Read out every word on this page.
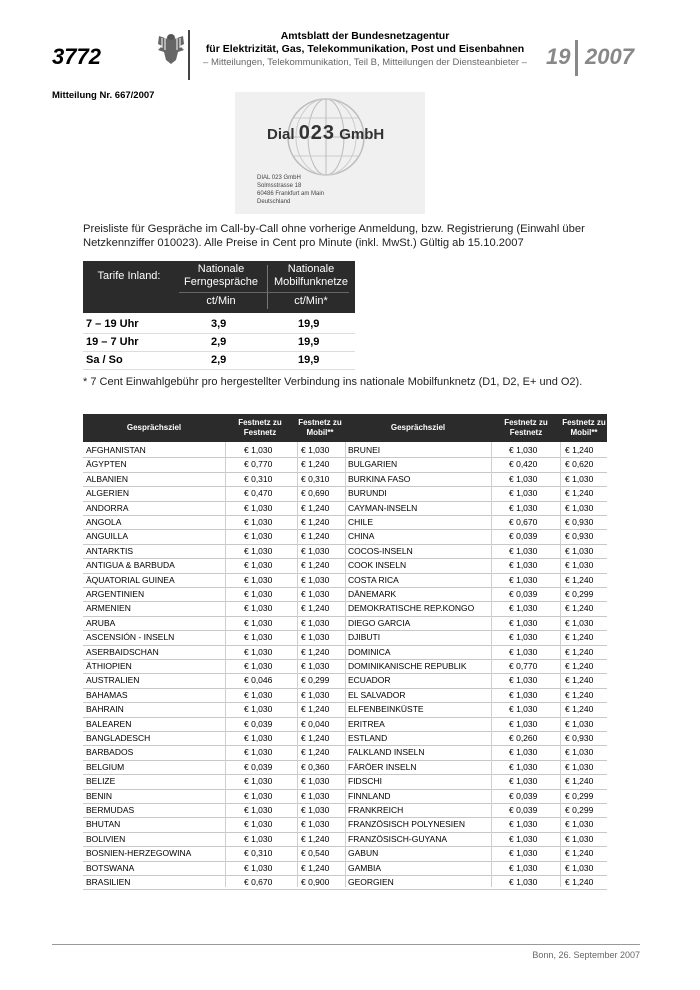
3772
Amtsblatt der Bundesnetzagentur
für Elektrizität, Gas, Telekommunikation, Post und Eisenbahnen
– Mitteilungen, Telekommunikation, Teil B, Mitteilungen der Diensteanbieter – 19 2007
Mitteilung Nr. 667/2007
Dial 023 GmbH
DIAL 023 GmbH
Solmsstrasse 18
60486 Frankfurt am Main
Deutschland
Preisliste für Gespräche im Call-by-Call ohne vorherige Anmeldung, bzw. Registrierung (Einwahl über Netzkennziffer 010023). Alle Preise in Cent pro Minute (inkl. MwSt.) Gültig ab 15.10.2007
Tarife Inland:
Nationale Ferngespräche
Nationale Mobilfunknetze
ct/Min	ct/Min*
7 – 19 Uhr	3,9	19,9
19 – 7 Uhr	2,9	19,9
Sa / So	2,9	19,9
* 7 Cent Einwahlgebühr pro hergestellter Verbindung ins nationale Mobilfunknetz (D1, D2, E+ und O2).
Gesprächsziel
Festnetz zu Festnetz
Festnetz zu Mobil**
Gesprächsziel
Festnetz zu Festnetz
Festnetz zu Mobil**
AFGHANISTAN	€ 1,030	€ 1,030 BRUNEI	€ 1,030	€ 1,240
ÄGYPTEN	€ 0,770	€ 1,240 BULGARIEN	€ 0,420	€ 0,620
ALBANIEN	€ 0,310	€ 0,310 BURKINA FASO	€ 1,030	€ 1,030
ALGERIEN	€ 0,470	€ 0,690 BURUNDI	€ 1,030	€ 1,240
ANDORRA	€ 1,030	€ 1,240 CAYMAN-INSELN	€ 1,030	€ 1,030
ANGOLA	€ 1,030	€ 1,240 CHILE	€ 0,670	€ 0,930
ANGUILLA	€ 1,030	€ 1,240 CHINA	€ 0,039	€ 0,930
ANTARKTIS	€ 1,030	€ 1,030 COCOS-INSELN	€ 1,030	€ 1,030
ANTIGUA & BARBUDA	€ 1,030	€ 1,240 COOK INSELN	€ 1,030	€ 1,030
ÄQUATORIAL GUINEA	€ 1,030	€ 1,030 COSTA RICA	€ 1,030	€ 1,240
ARGENTINIEN	€ 1,030	€ 1,030 DÄNEMARK	€ 0,039	€ 0,299
ARMENIEN	€ 1,030	€ 1,240 DEMOKRATISCHE REP.KONGO	€ 1,030	€ 1,240
ARUBA	€ 1,030	€ 1,030 DIEGO GARCIA	€ 1,030	€ 1,030
ASCENSIÓN - INSELN	€ 1,030	€ 1,030 DJIBUTI	€ 1,030	€ 1,240
ASERBAIDSCHAN	€ 1,030	€ 1,240 DOMINICA	€ 1,030	€ 1,240
ÄTHIOPIEN	€ 1,030	€ 1,030 DOMINIKANISCHE REPUBLIK	€ 0,770	€ 1,240
AUSTRALIEN	€ 0,046	€ 0,299 ECUADOR	€ 1,030	€ 1,240
BAHAMAS	€ 1,030	€ 1,030 EL SALVADOR	€ 1,030	€ 1,240
BAHRAIN	€ 1,030	€ 1,240 ELFENBEINKÜSTE	€ 1,030	€ 1,240
BALEAREN	€ 0,039	€ 0,040 ERITREA	€ 1,030	€ 1,030
BANGLADESCH	€ 1,030	€ 1,240 ESTLAND	€ 0,260	€ 0,930
BARBADOS	€ 1,030	€ 1,240 FALKLAND INSELN	€ 1,030	€ 1,030
BELGIUM	€ 0,039	€ 0,360 FÄRÖER INSELN	€ 1,030	€ 1,030
BELIZE	€ 1,030	€ 1,030 FIDSCHI	€ 1,030	€ 1,240
BENIN	€ 1,030	€ 1,030 FINNLAND	€ 0,039	€ 0,299
BERMUDAS	€ 1,030	€ 1,030 FRANKREICH	€ 0,039	€ 0,299
BHUTAN	€ 1,030	€ 1,030 FRANZÖSISCH POLYNESIEN	€ 1,030	€ 1,030
BOLIVIEN	€ 1,030	€ 1,240 FRANZÖSISCH-GUYANA	€ 1,030	€ 1,030
BOSNIEN-HERZEGOWINA	€ 0,310	€ 0,540 GABUN	€ 1,030	€ 1,240
BOTSWANA	€ 1,030	€ 1,240 GAMBIA	€ 1,030	€ 1,030
BRASILIEN	€ 0,670	€ 0,900 GEORGIEN	€ 1,030	€ 1,240
Bonn, 26. September 2007
